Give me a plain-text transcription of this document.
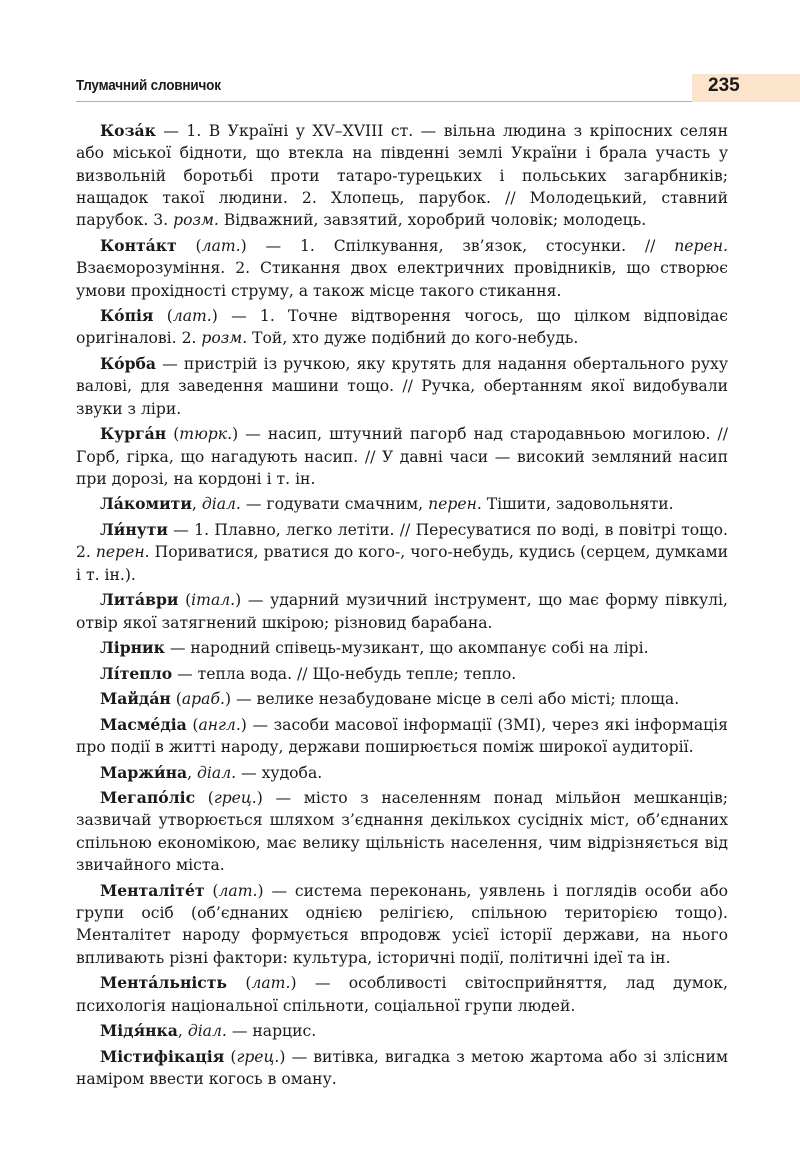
Тлумачний словничок	235

Коза́к — 1. В Україні у XV–XVIII ст. — вільна людина з кріпосних селян або міської бідноти, що втекла на південні землі України і брала участь у визвольній боротьбі проти татаро-турецьких і польських загарбників; нащадок такої людини. 2. Хлопець, парубок. // Молодецький, ставний парубок. 3. розм. Відважний, завзятий, хоробрий чоловік; молодець.

Конта́кт (лат.) — 1. Спілкування, зв’язок, стосунки. // перен. Взаєморозуміння. 2. Стикання двох електричних провідників, що створює умови прохідності струму, а також місце такого стикання.

Ко́пія (лат.) — 1. Точне відтворення чогось, що цілком відповідає оригіналові. 2. розм. Той, хто дуже подібний до кого-небудь.

Ко́рба — пристрій із ручкою, яку крутять для надання обертального руху валові, для заведення машини тощо. // Ручка, обертанням якої видобували звуки з ліри.

Курга́н (тюрк.) — насип, штучний пагорб над стародавньою могилою. // Горб, гірка, що нагадують насип. // У давні часи — високий земляний насип при дорозі, на кордоні і т. ін.

Ла́комити, діал. — годувати смачним, перен. Тішити, задовольняти.

Ли́нути — 1. Плавно, легко летіти. // Пересуватися по воді, в повітрі тощо. 2. перен. Пориватися, рватися до кого-, чого-небудь, кудись (серцем, думками і т. ін.).

Лита́ври (італ.) — ударний музичний інструмент, що має форму півкулі, отвір якої затягнений шкірою; різновид барабана.

Лірник — народний співець-музикант, що акомпанує собі на лірі.

Лі́тепло — тепла вода. // Що-небудь тепле; тепло.

Майда́н (араб.) — велике незабудоване місце в селі або місті; площа.

Масме́діа (англ.) — засоби масової інформації (ЗМІ), через які інформація про події в житті народу, держави поширюється поміж широкої аудиторії.

Маржи́на, діал. — худоба.

Мегапо́ліс (грец.) — місто з населенням понад мільйон мешканців; зазвичай утворюється шляхом з’єднання декількох сусідніх міст, об’єднаних спільною економікою, має велику щільність населення, чим відрізняється від звичайного міста.

Менталіте́т (лат.) — система переконань, уявлень і поглядів особи або групи осіб (об’єднаних однією релігією, спільною територією тощо). Менталітет народу формується впродовж усієї історії держави, на нього впливають різні фактори: культура, історичні події, політичні ідеї та ін.

Мента́льність (лат.) — особливості світосприйняття, лад думок, психологія національної спільноти, соціальної групи людей.

Мідя́нка, діал. — нарцис.

Містифікація (грец.) — витівка, вигадка з метою жартома або зі злісним наміром ввести когось в оману.
